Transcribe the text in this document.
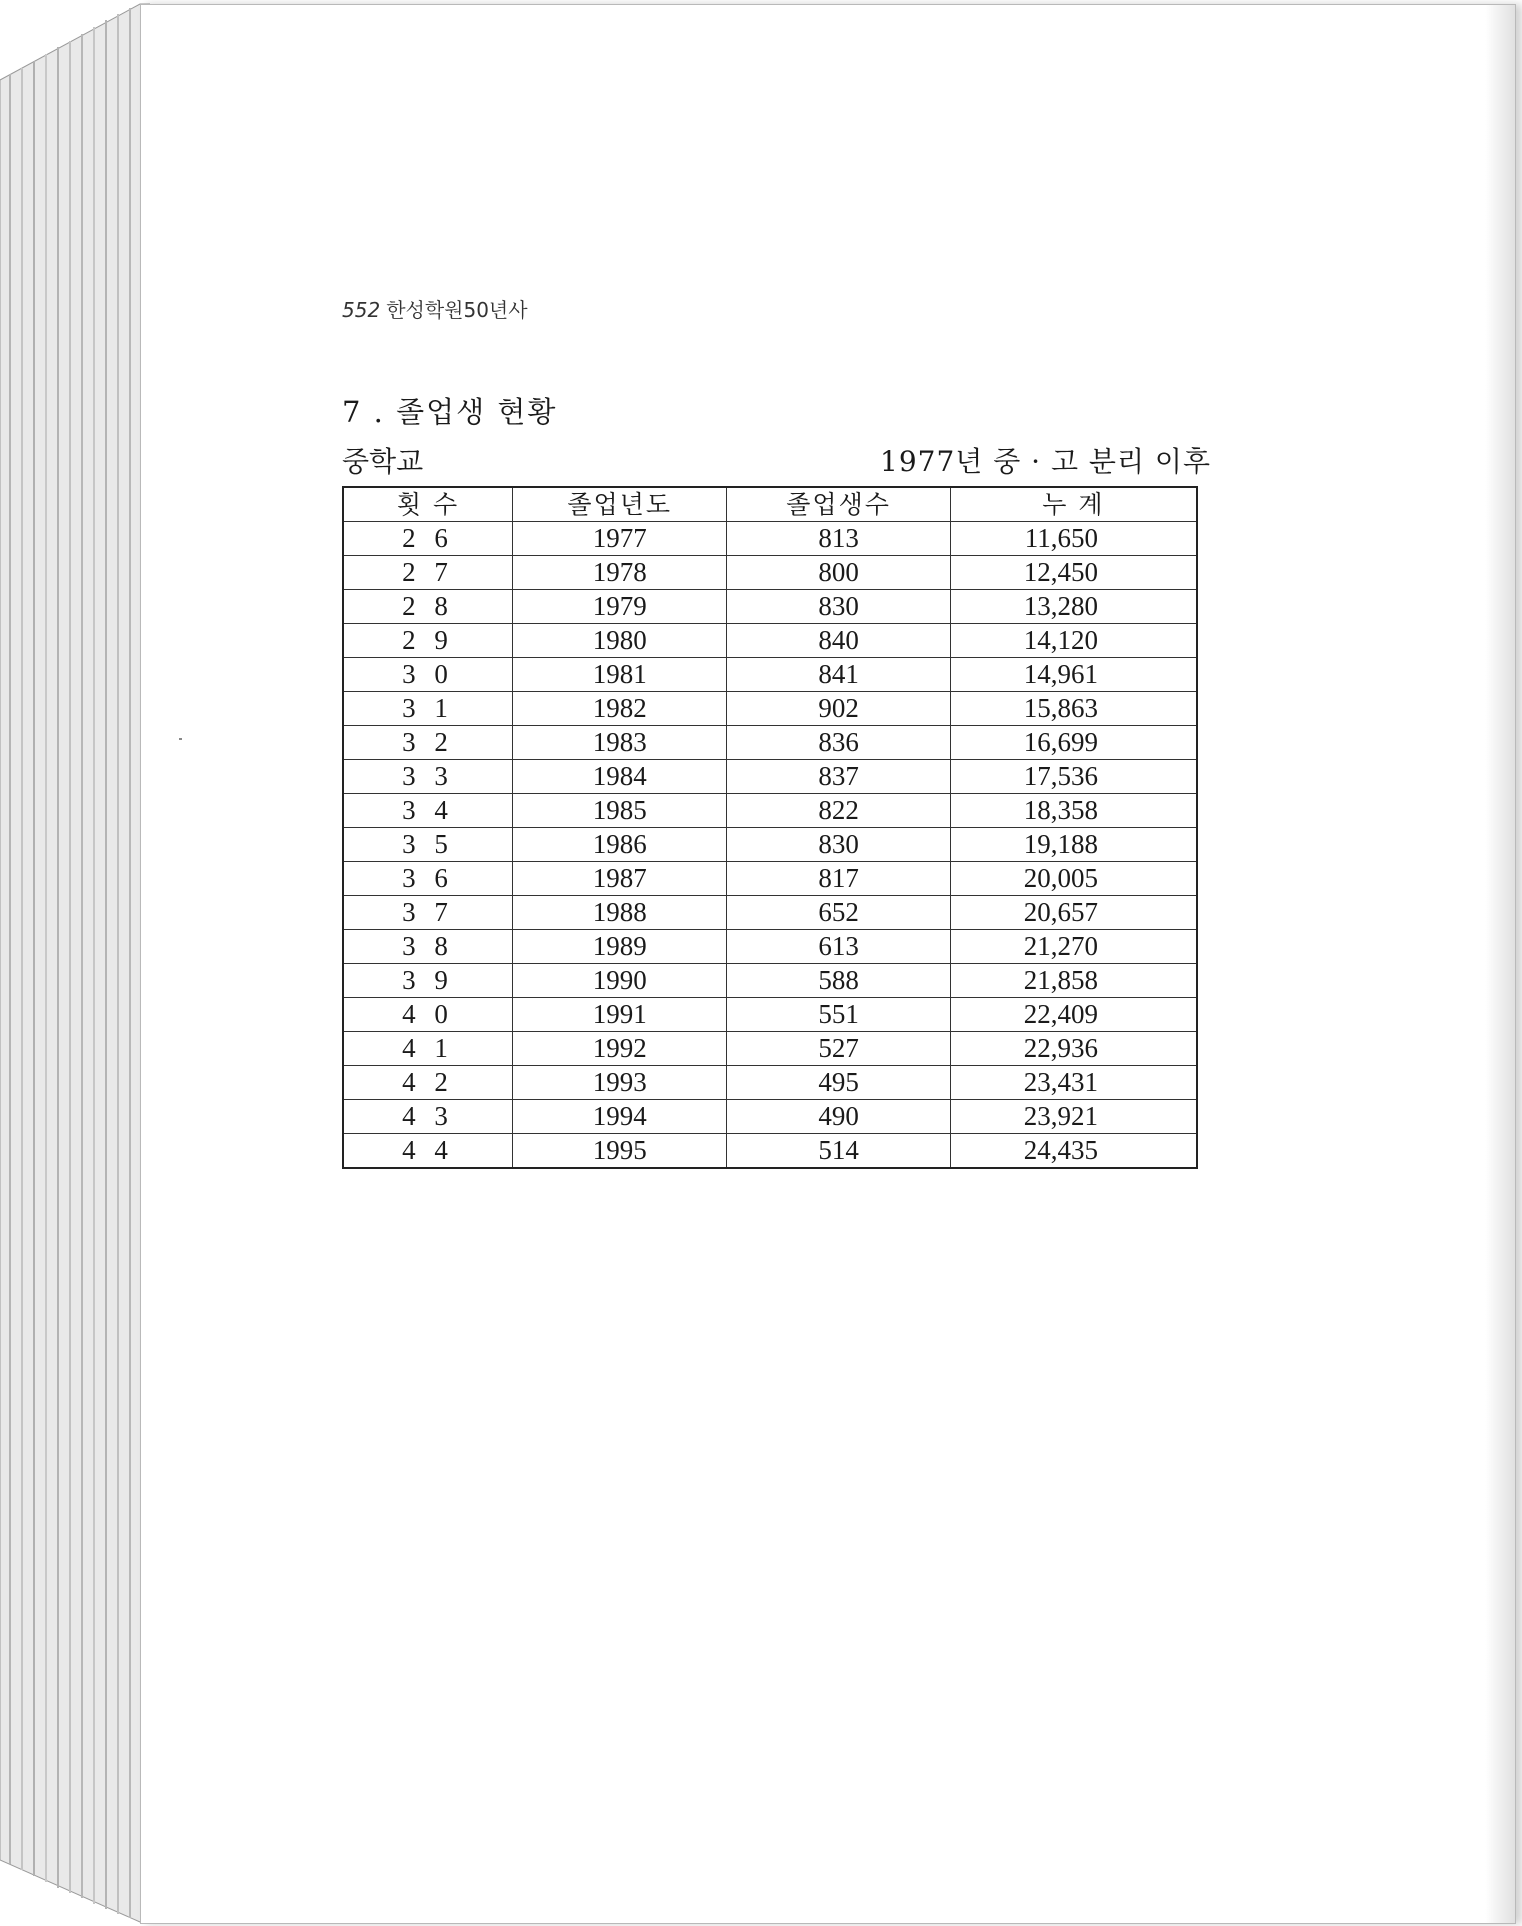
552 한성학원50년사
7 . 졸업생 현황
중학교	1977년 중 · 고 분리 이후
횟 수	졸업년도	졸업생수	누 계
2 6	1977	813	11,650
2 7	1978	800	12,450
2 8	1979	830	13,280
2 9	1980	840	14,120
3 0	1981	841	14,961
3 1	1982	902	15,863
3 2	1983	836	16,699
3 3	1984	837	17,536
3 4	1985	822	18,358
3 5	1986	830	19,188
3 6	1987	817	20,005
3 7	1988	652	20,657
3 8	1989	613	21,270
3 9	1990	588	21,858
4 0	1991	551	22,409
4 1	1992	527	22,936
4 2	1993	495	23,431
4 3	1994	490	23,921
4 4	1995	514	24,435
